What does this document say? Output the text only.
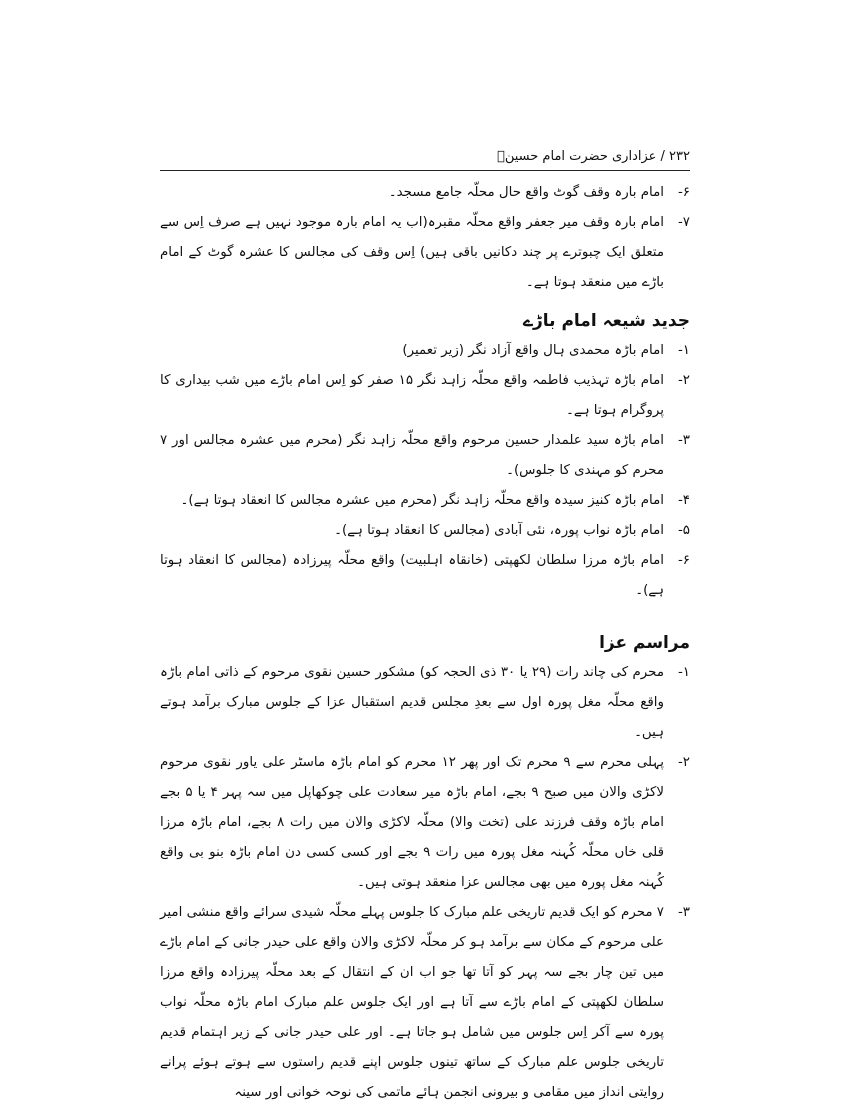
۲۳۲ / عزاداری حضرت امام حسینؑ
۶-
امام بارہ وقف گوٹ واقع حال محلّہ جامع مسجد۔
۷-
امام بارہ وقف میر جعفر واقع محلّہ مقبرہ(اب یہ امام بارہ موجود نہیں ہے صرف اِس سے متعلق ایک چبوترے پر چند دکانیں باقی ہیں) اِس وقف کی مجالس کا عشرہ گوٹ کے امام باڑے میں منعقد ہوتا ہے۔
جدید شیعہ امام باڑے
۱-
امام باڑہ محمدی ہال واقع آزاد نگر (زیر تعمیر)
۲-
امام باڑہ تہذیب فاطمہ واقع محلّہ زاہد نگر ۱۵ صفر کو اِس امام باڑے میں شب بیداری کا پروگرام ہوتا ہے۔
۳-
امام باڑہ سید علمدار حسین مرحوم واقع محلّہ زاہد نگر (محرم میں عشرہ مجالس اور ۷ محرم کو مہندی کا جلوس)۔
۴-
امام باڑہ کنیز سیدہ واقع محلّہ زاہد نگر (محرم میں عشرہ مجالس کا انعقاد ہوتا ہے)۔
۵-
امام باڑہ نواب پورہ، نئی آبادی (مجالس کا انعقاد ہوتا ہے)۔
۶-
امام باڑہ مرزا سلطان لکھپتی (خانقاہ اہلبیت) واقع محلّہ پیرزادہ (مجالس کا انعقاد ہوتا ہے)۔
مراسم عزا
۱-
محرم کی چاند رات (۲۹ یا ۳۰ ذی الحجہ کو) مشکور حسین نقوی مرحوم کے ذاتی امام باڑہ واقع محلّہ مغل پورہ اول سے بعدِ مجلس قدیم استقبال عزا کے جلوس مبارک برآمد ہوتے ہیں۔
۲-
پہلی محرم سے ۹ محرم تک اور پھر ۱۲ محرم کو امام باڑہ ماسٹر علی یاور نقوی مرحوم لاکڑی والان میں صبح ۹ بجے، امام باڑہ میر سعادت علی چوکھاپل میں سہ پہر ۴ یا ۵ بجے امام باڑہ وقف فرزند علی (تخت والا) محلّہ لاکڑی والان میں رات ۸ بجے، امام باڑہ مرزا قلی خاں محلّہ کُہنہ مغل پورہ میں رات ۹ بجے اور کسی کسی دن امام باڑہ بنو بی واقع کُہنہ مغل پورہ میں بھی مجالس عزا منعقد ہوتی ہیں۔
۳-
۷ محرم کو ایک قدیم تاریخی علم مبارک کا جلوس پہلے محلّہ شیدی سرائے واقع منشی امیر علی مرحوم کے مکان سے برآمد ہو کر محلّہ لاکڑی والان واقع علی حیدر جانی کے امام باڑے میں تین چار بجے سہ پہر کو آتا تھا جو اب ان کے انتقال کے بعد محلّہ پیرزادہ واقع مرزا سلطان لکھپتی کے امام باڑے سے آتا ہے اور ایک جلوس علم مبارک امام باڑہ محلّہ نواب پورہ سے آکر اِس جلوس میں شامل ہو جاتا ہے۔ اور علی حیدر جانی کے زیر اہتمام قدیم تاریخی جلوس علم مبارک کے ساتھ تینوں جلوس اپنے قدیم راستوں سے ہوتے ہوئے پرانے روایتی انداز میں مقامی و بیرونی انجمن ہائے ماتمی کی نوحہ خوانی اور سینہ
